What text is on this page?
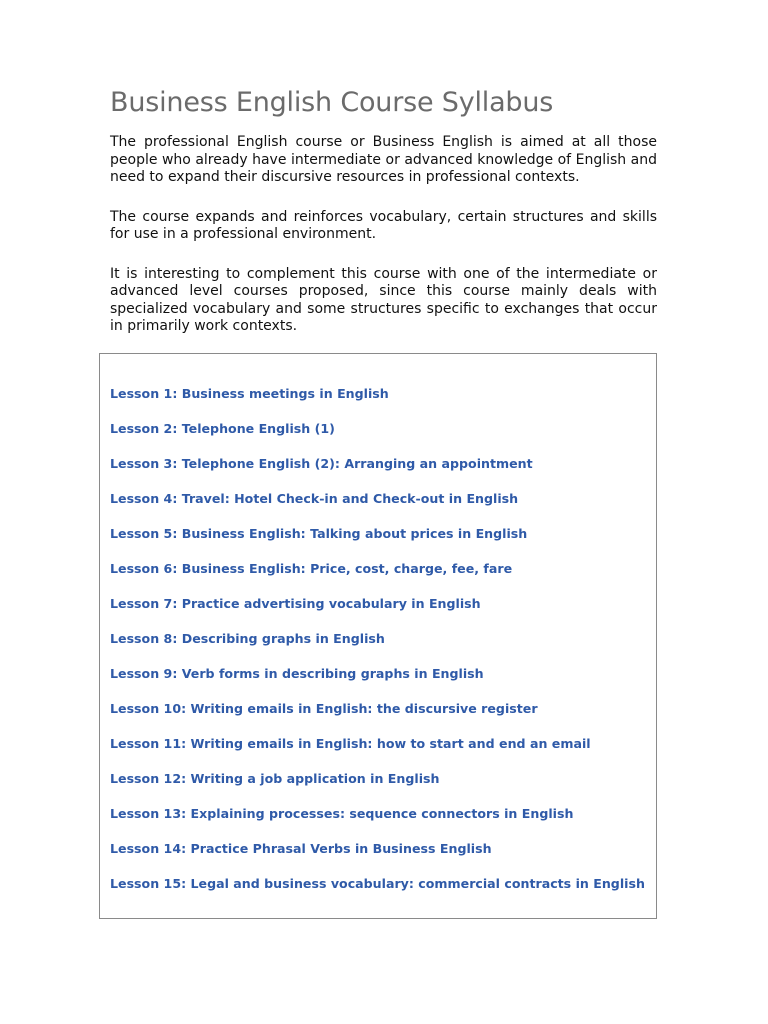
Business English Course Syllabus

The professional English course or Business English is aimed at all those people who already have intermediate or advanced knowledge of English and need to expand their discursive resources in professional contexts.

The course expands and reinforces vocabulary, certain structures and skills for use in a professional environment.

It is interesting to complement this course with one of the intermediate or advanced level courses proposed, since this course mainly deals with specialized vocabulary and some structures specific to exchanges that occur in primarily work contexts.

Lesson 1: Business meetings in English
Lesson 2: Telephone English (1)
Lesson 3: Telephone English (2): Arranging an appointment
Lesson 4: Travel: Hotel Check-in and Check-out in English
Lesson 5: Business English: Talking about prices in English
Lesson 6: Business English: Price, cost, charge, fee, fare
Lesson 7: Practice advertising vocabulary in English
Lesson 8: Describing graphs in English
Lesson 9: Verb forms in describing graphs in English
Lesson 10: Writing emails in English: the discursive register
Lesson 11: Writing emails in English: how to start and end an email
Lesson 12: Writing a job application in English
Lesson 13: Explaining processes: sequence connectors in English
Lesson 14: Practice Phrasal Verbs in Business English
Lesson 15: Legal and business vocabulary: commercial contracts in English
